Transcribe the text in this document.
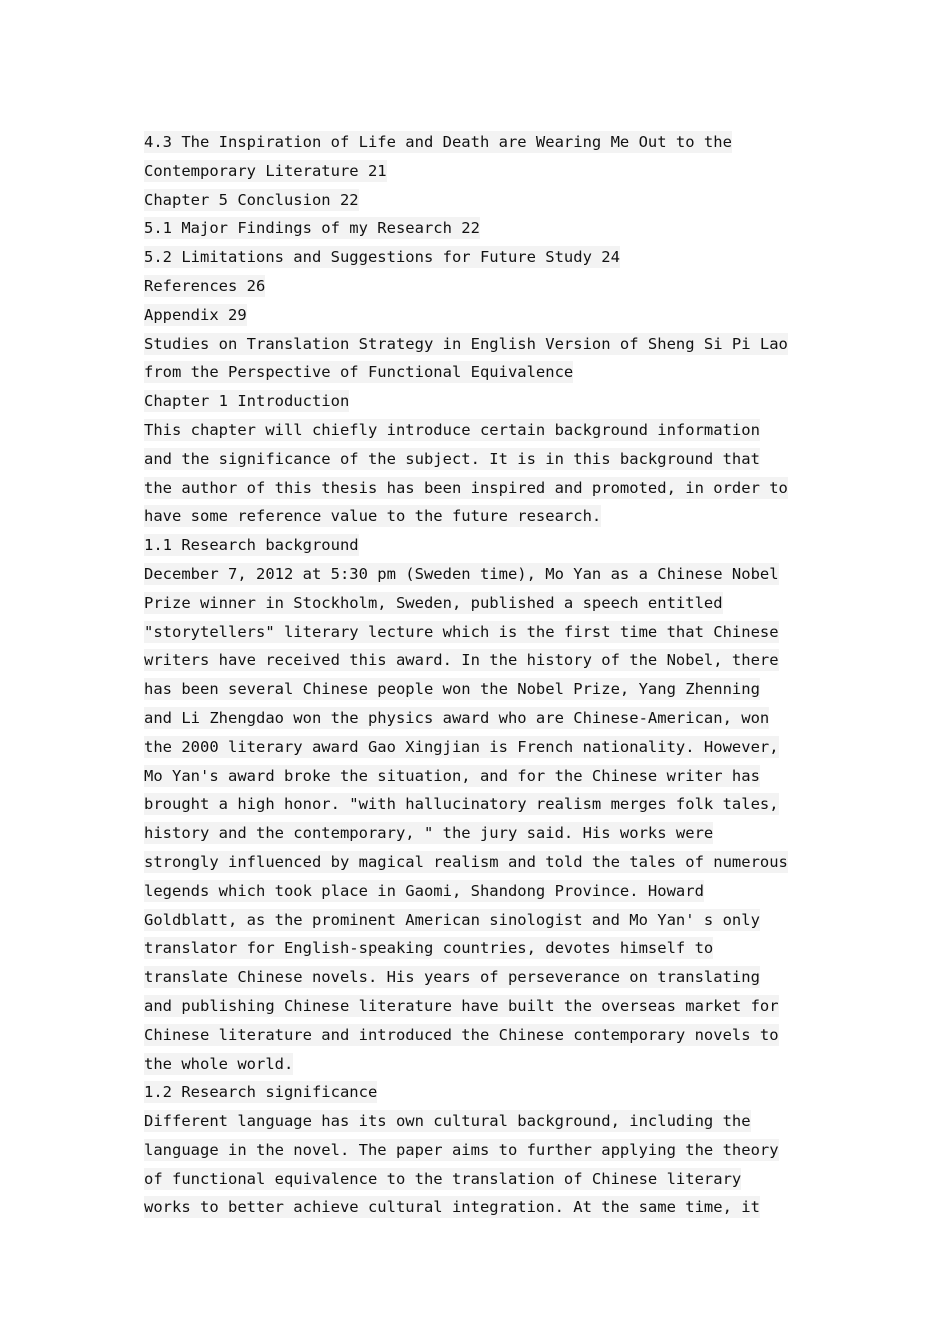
4.3 The Inspiration of Life and Death are Wearing Me Out to the
Contemporary Literature 21
Chapter 5 Conclusion 22
5.1 Major Findings of my Research 22
5.2 Limitations and Suggestions for Future Study 24
References 26
Appendix 29
Studies on Translation Strategy in English Version of Sheng Si Pi Lao
from the Perspective of Functional Equivalence
Chapter 1 Introduction
This chapter will chiefly introduce certain background information
and the significance of the subject. It is in this background that
the author of this thesis has been inspired and promoted, in order to
have some reference value to the future research.
1.1 Research background
December 7, 2012 at 5:30 pm (Sweden time), Mo Yan as a Chinese Nobel
Prize winner in Stockholm, Sweden, published a speech entitled
"storytellers" literary lecture which is the first time that Chinese
writers have received this award. In the history of the Nobel, there
has been several Chinese people won the Nobel Prize, Yang Zhenning
and Li Zhengdao won the physics award who are Chinese-American, won
the 2000 literary award Gao Xingjian is French nationality. However,
Mo Yan's award broke the situation, and for the Chinese writer has
brought a high honor. "with hallucinatory realism merges folk tales,
history and the contemporary, " the jury said. His works were
strongly influenced by magical realism and told the tales of numerous
legends which took place in Gaomi, Shandong Province. Howard
Goldblatt, as the prominent American sinologist and Mo Yan' s only
translator for English-speaking countries, devotes himself to
translate Chinese novels. His years of perseverance on translating
and publishing Chinese literature have built the overseas market for
Chinese literature and introduced the Chinese contemporary novels to
the whole world.
1.2 Research significance
Different language has its own cultural background, including the
language in the novel. The paper aims to further applying the theory
of functional equivalence to the translation of Chinese literary
works to better achieve cultural integration. At the same time, it
